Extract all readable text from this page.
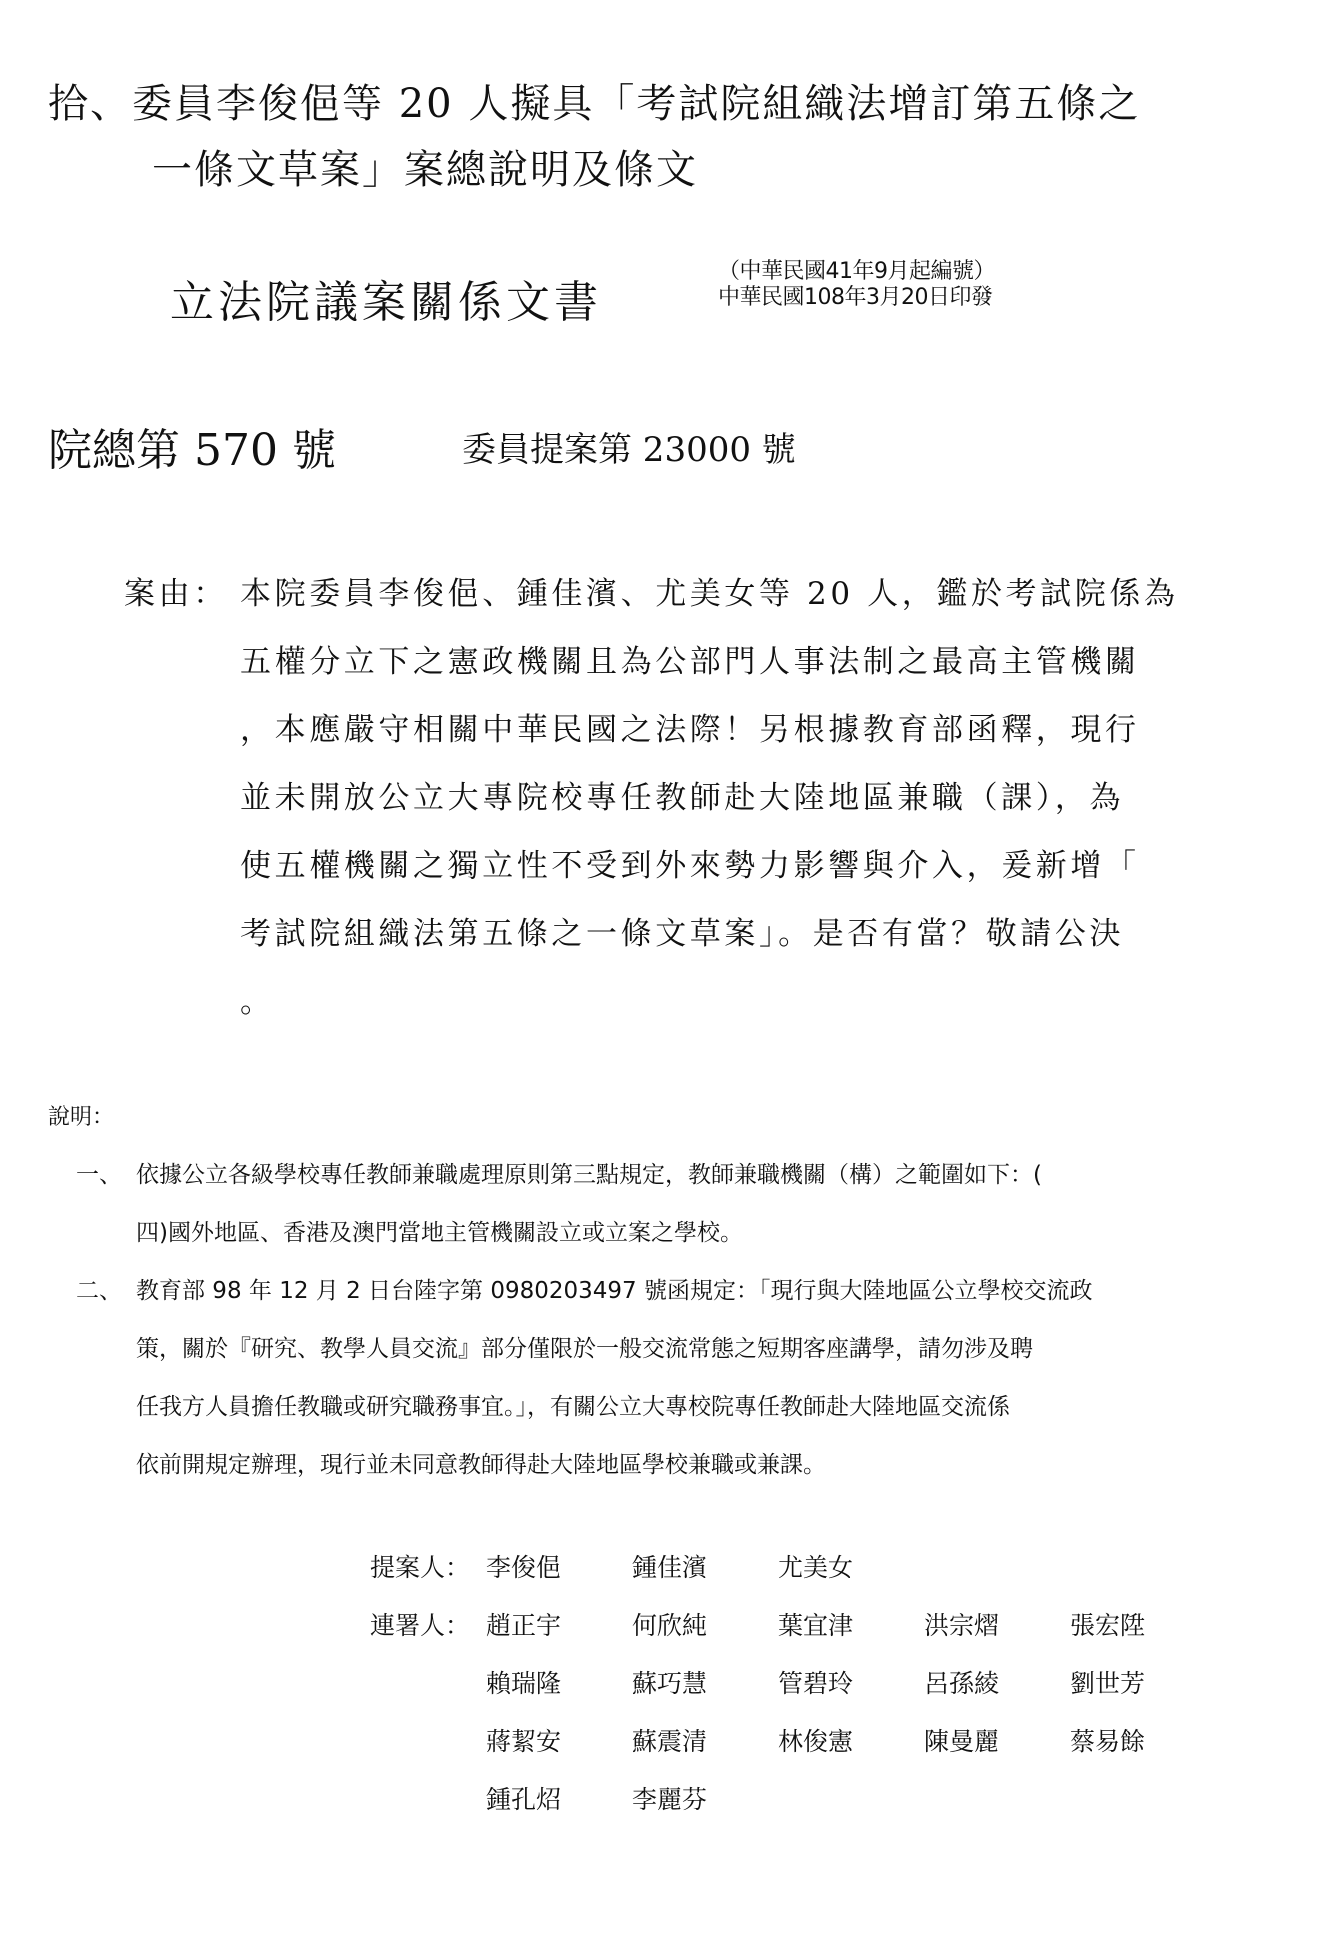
拾、委員李俊俋等 20 人擬具「考試院組織法增訂第五條之
一條文草案」案總說明及條文
立法院議案關係文書
（中華民國41年9月起編號）
中華民國108年3月20日印發
院總第 570 號	委員提案第 23000 號
案由： 本院委員李俊俋、鍾佳濱、尤美女等 20 人，鑑於考試院係為
五權分立下之憲政機關且為公部門人事法制之最高主管機關
，本應嚴守相關中華民國之法際！另根據教育部函釋，現行
並未開放公立大專院校專任教師赴大陸地區兼職（課），為
使五權機關之獨立性不受到外來勢力影響與介入，爰新增「
考試院組織法第五條之一條文草案」。是否有當？敬請公決
。
說明：
一、 依據公立各級學校專任教師兼職處理原則第三點規定，教師兼職機關（構）之範圍如下：(
四)國外地區、香港及澳門當地主管機關設立或立案之學校。
二、 教育部 98 年 12 月 2 日台陸字第 0980203497 號函規定：「現行與大陸地區公立學校交流政
策，關於『研究、教學人員交流』部分僅限於一般交流常態之短期客座講學，請勿涉及聘
任我方人員擔任教職或研究職務事宜。」，有關公立大專校院專任教師赴大陸地區交流係
依前開規定辦理，現行並未同意教師得赴大陸地區學校兼職或兼課。
提案人： 李俊俋	鍾佳濱	尤美女
連署人： 趙正宇	何欣純	葉宜津	洪宗熠	張宏陞
賴瑞隆	蘇巧慧	管碧玲	呂孫綾	劉世芳
蔣絜安	蘇震清	林俊憲	陳曼麗	蔡易餘
鍾孔炤	李麗芬
